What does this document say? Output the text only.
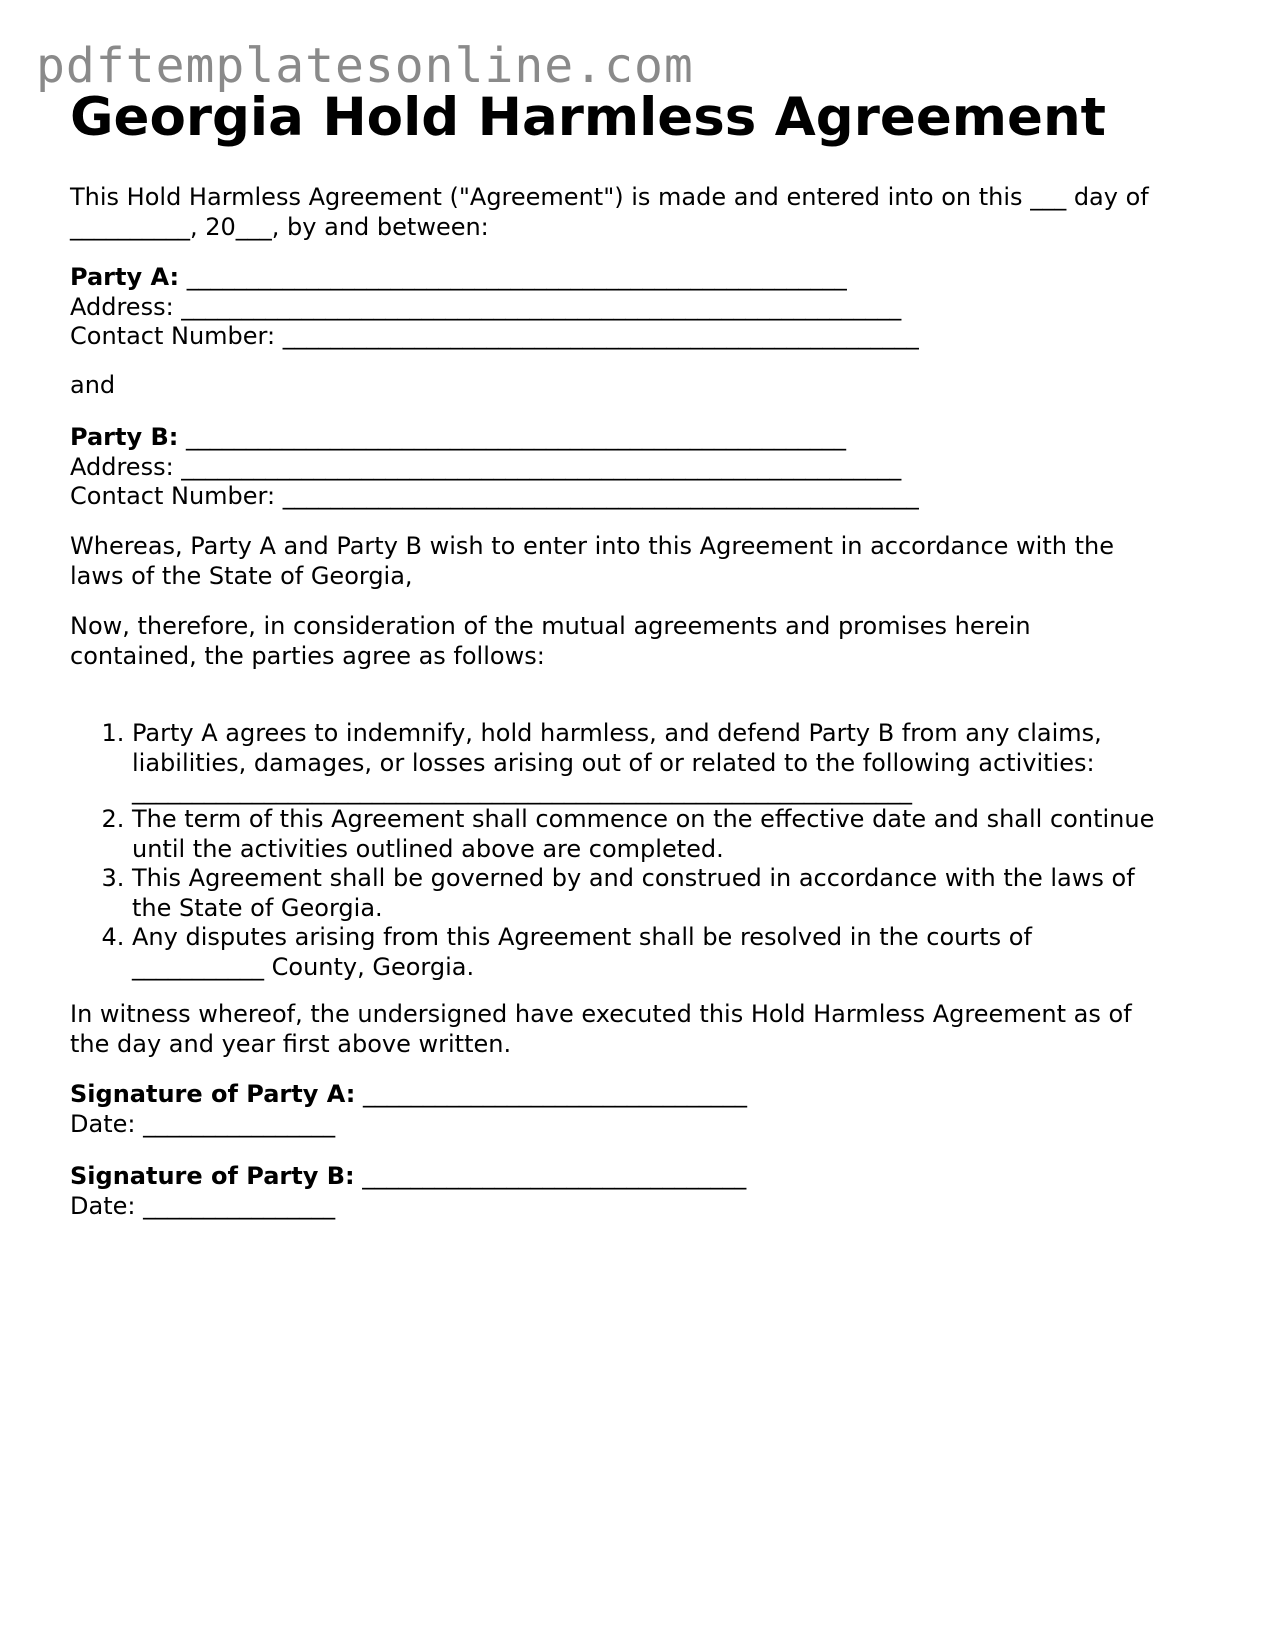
pdftemplatesonline.com
Georgia Hold Harmless Agreement
This Hold Harmless Agreement ("Agreement") is made and entered into on this ___ day of
__________, 20___, by and between:
Party A: _______________________________________________________
Address: ____________________________________________________________
Contact Number: _____________________________________________________
and
Party B: _______________________________________________________
Address: ____________________________________________________________
Contact Number: _____________________________________________________
Whereas, Party A and Party B wish to enter into this Agreement in accordance with the
laws of the State of Georgia,
Now, therefore, in consideration of the mutual agreements and promises herein
contained, the parties agree as follows:
1. Party A agrees to indemnify, hold harmless, and defend Party B from any claims,
liabilities, damages, or losses arising out of or related to the following activities:
_________________________________________________________________
2. The term of this Agreement shall commence on the effective date and shall continue
until the activities outlined above are completed.
3. This Agreement shall be governed by and construed in accordance with the laws of
the State of Georgia.
4. Any disputes arising from this Agreement shall be resolved in the courts of
___________ County, Georgia.
In witness whereof, the undersigned have executed this Hold Harmless Agreement as of
the day and year first above written.
Signature of Party A: ________________________________
Date: ________________
Signature of Party B: ________________________________
Date: ________________
